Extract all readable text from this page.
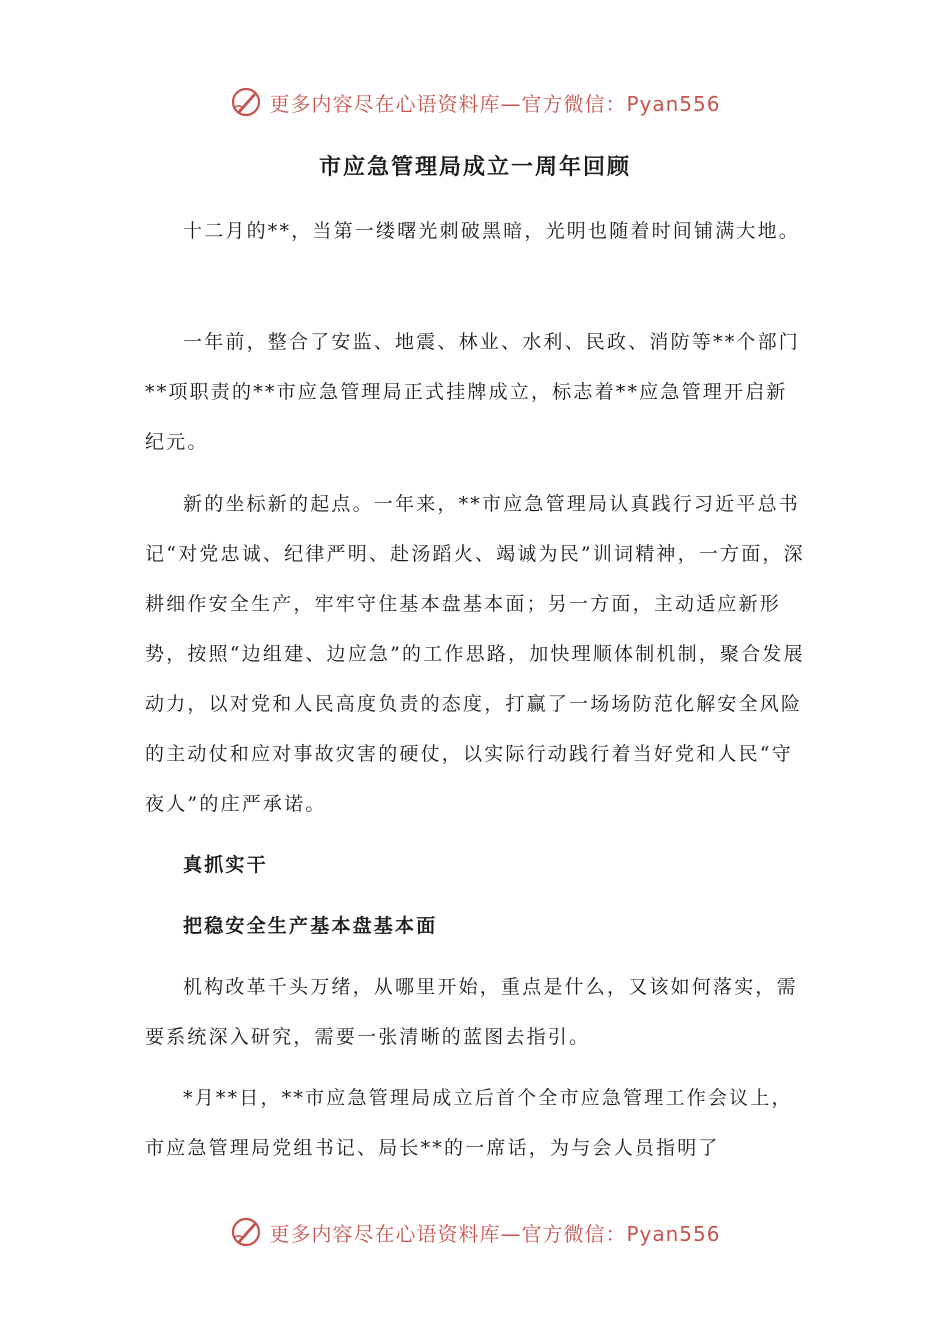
更多内容尽在心语资料库—官方微信：Pyan556
市应急管理局成立一周年回顾

十二月的**，当第一缕曙光刺破黑暗，光明也随着时间铺满大地。

一年前，整合了安监、地震、林业、水利、民政、消防等**个部门**项职责的**市应急管理局正式挂牌成立，标志着**应急管理开启新纪元。

新的坐标新的起点。一年来，**市应急管理局认真践行习近平总书记“对党忠诚、纪律严明、赴汤蹈火、竭诚为民”训词精神，一方面，深耕细作安全生产，牢牢守住基本盘基本面；另一方面，主动适应新形势，按照“边组建、边应急”的工作思路，加快理顺体制机制，聚合发展动力，以对党和人民高度负责的态度，打赢了一场场防范化解安全风险的主动仗和应对事故灾害的硬仗，以实际行动践行着当好党和人民“守夜人”的庄严承诺。

真抓实干

把稳安全生产基本盘基本面

机构改革千头万绪，从哪里开始，重点是什么，又该如何落实，需要系统深入研究，需要一张清晰的蓝图去指引。

*月**日，**市应急管理局成立后首个全市应急管理工作会议上，市应急管理局党组书记、局长**的一席话，为与会人员指明了

更多内容尽在心语资料库—官方微信：Pyan556
